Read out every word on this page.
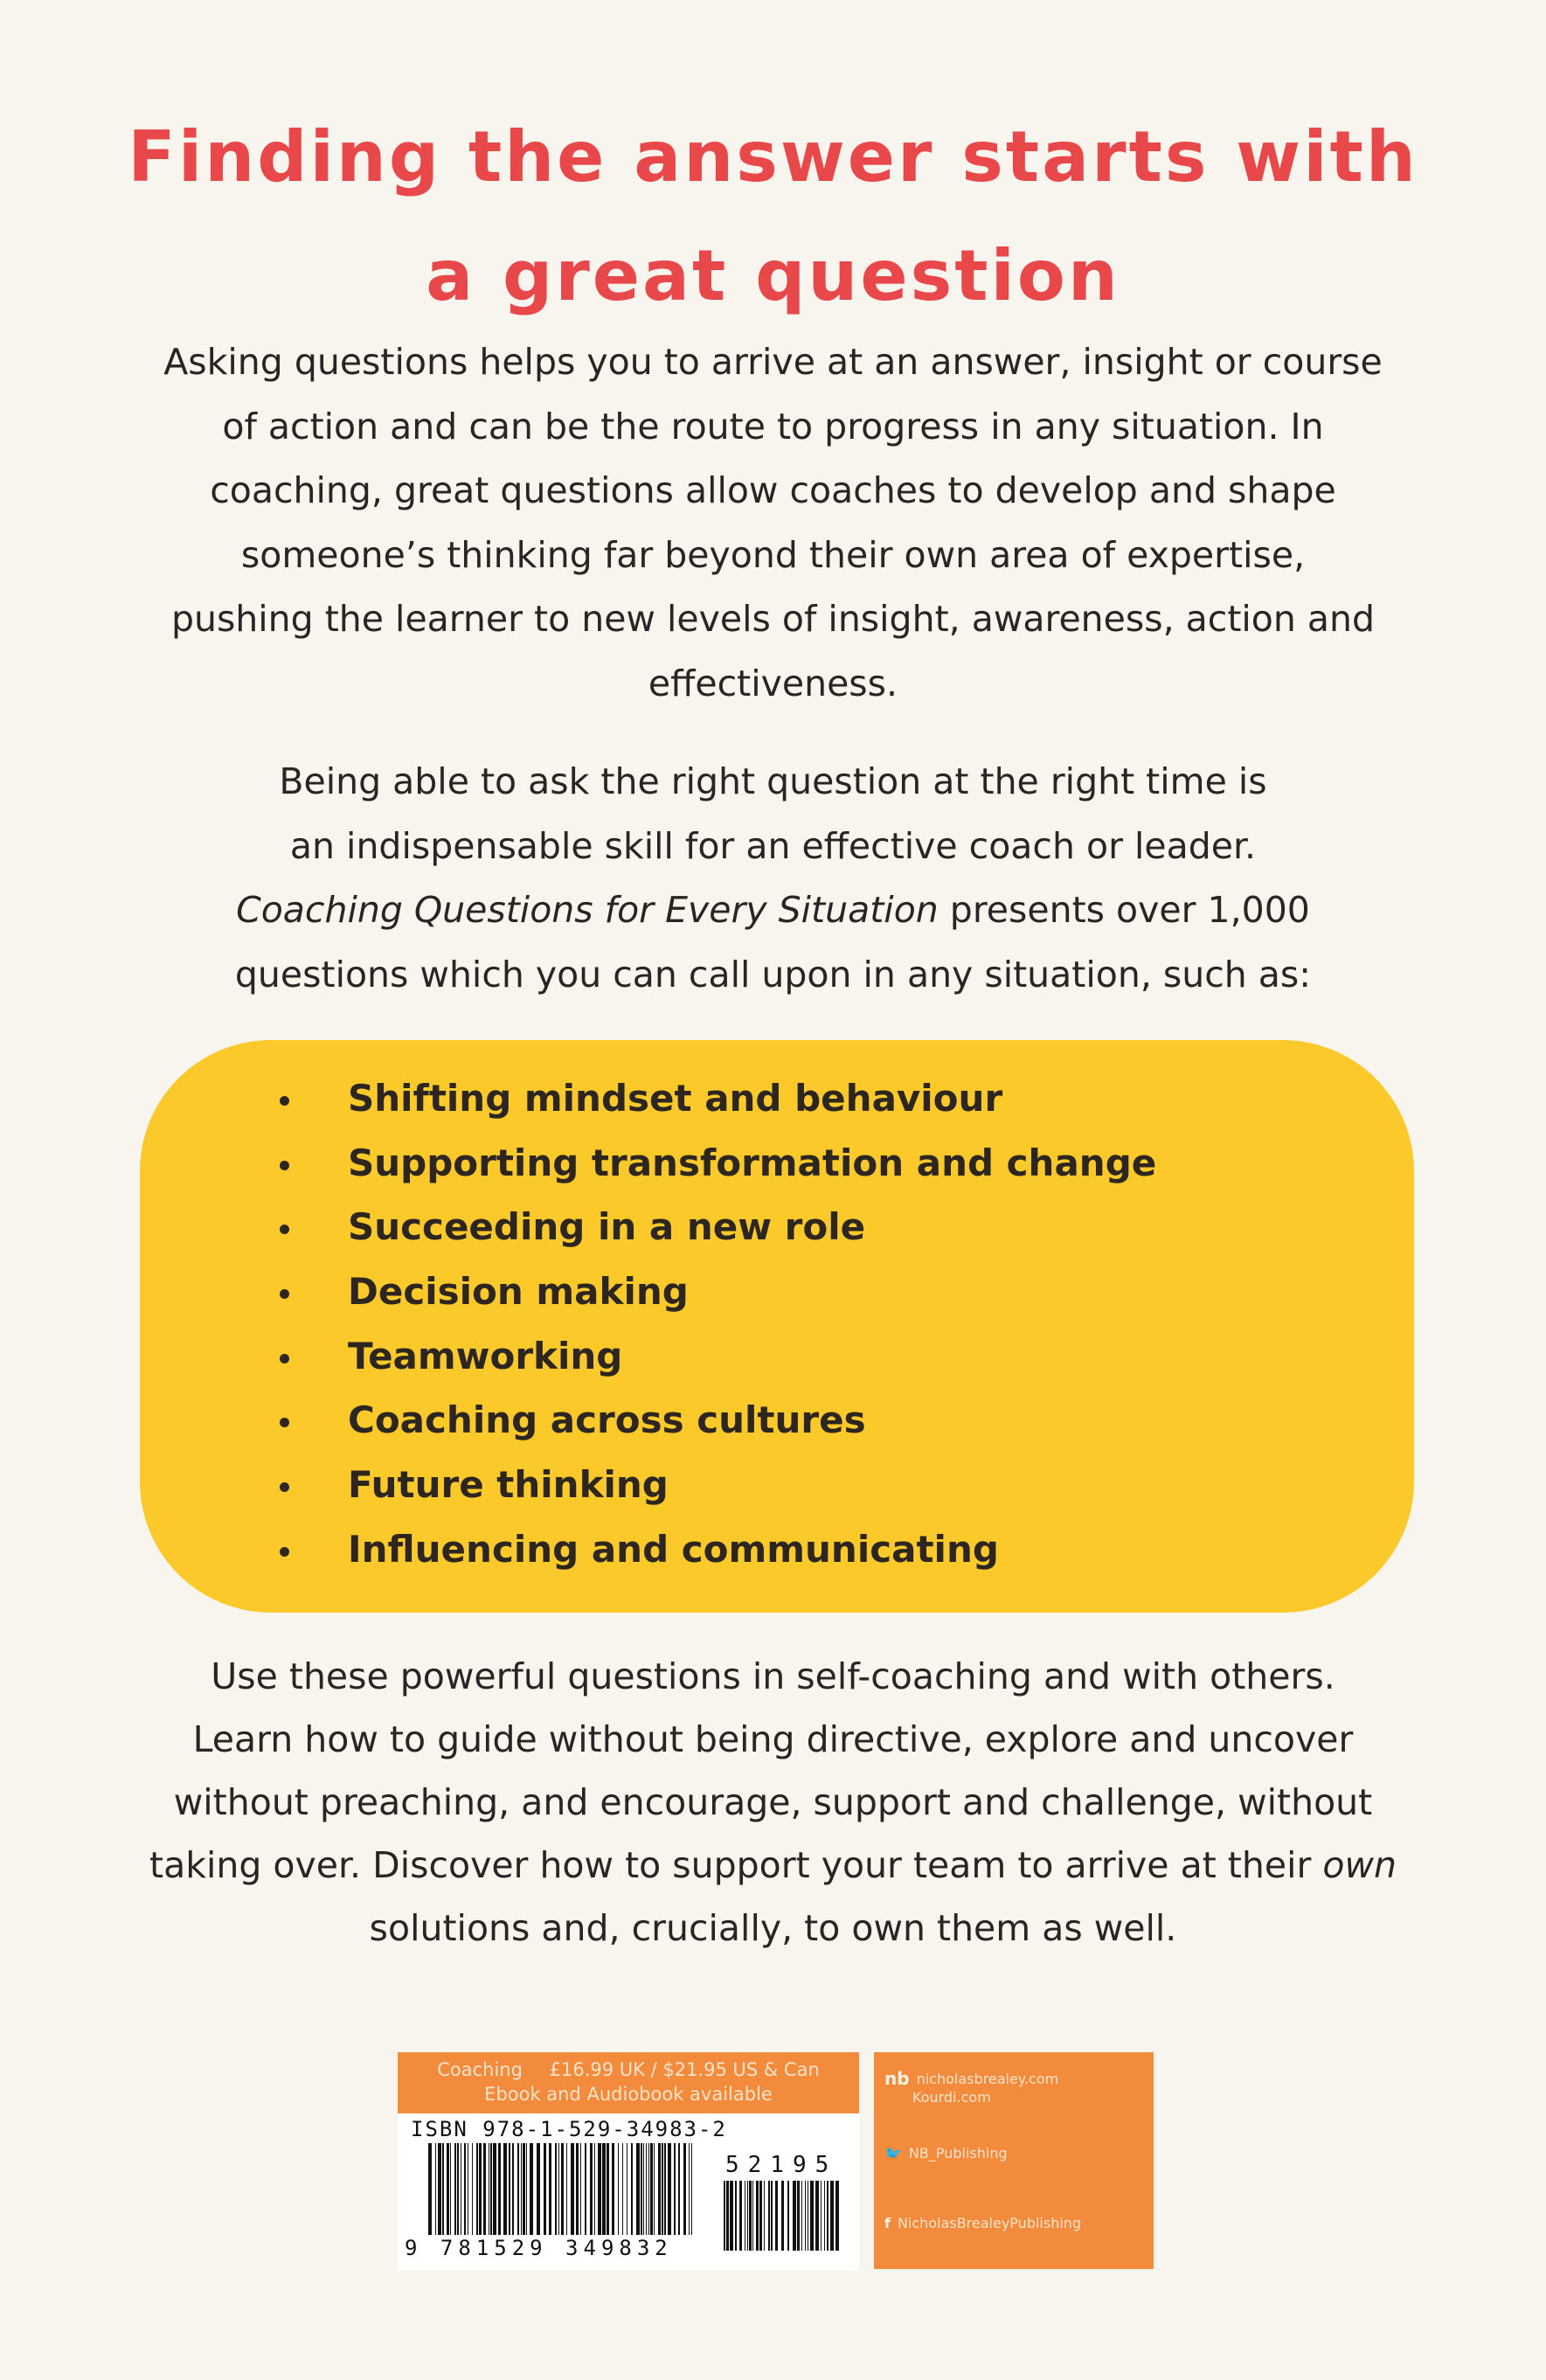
Finding the answer starts with
a great question
Asking questions helps you to arrive at an answer, insight or course
of action and can be the route to progress in any situation. In
coaching, great questions allow coaches to develop and shape
someone’s thinking far beyond their own area of expertise,
pushing the learner to new levels of insight, awareness, action and
effectiveness.
Being able to ask the right question at the right time is
an indispensable skill for an effective coach or leader.
Coaching Questions for Every Situation presents over 1,000
questions which you can call upon in any situation, such as:
Shifting mindset and behaviour
Supporting transformation and change
Succeeding in a new role
Decision making
Teamworking
Coaching across cultures
Future thinking
Influencing and communicating
Use these powerful questions in self-coaching and with others.
Learn how to guide without being directive, explore and uncover
without preaching, and encourage, support and challenge, without
taking over. Discover how to support your team to arrive at their own
solutions and, crucially, to own them as well.
Coaching £16.99 UK / $21.95 US & Can
Ebook and Audiobook available
ISBN 978-1-529-34983-2
52195
9 781529 349832
nb nicholasbrealey.com
Kourdi.com
🐦 NB_Publishing
f NicholasBrealeyPublishing
